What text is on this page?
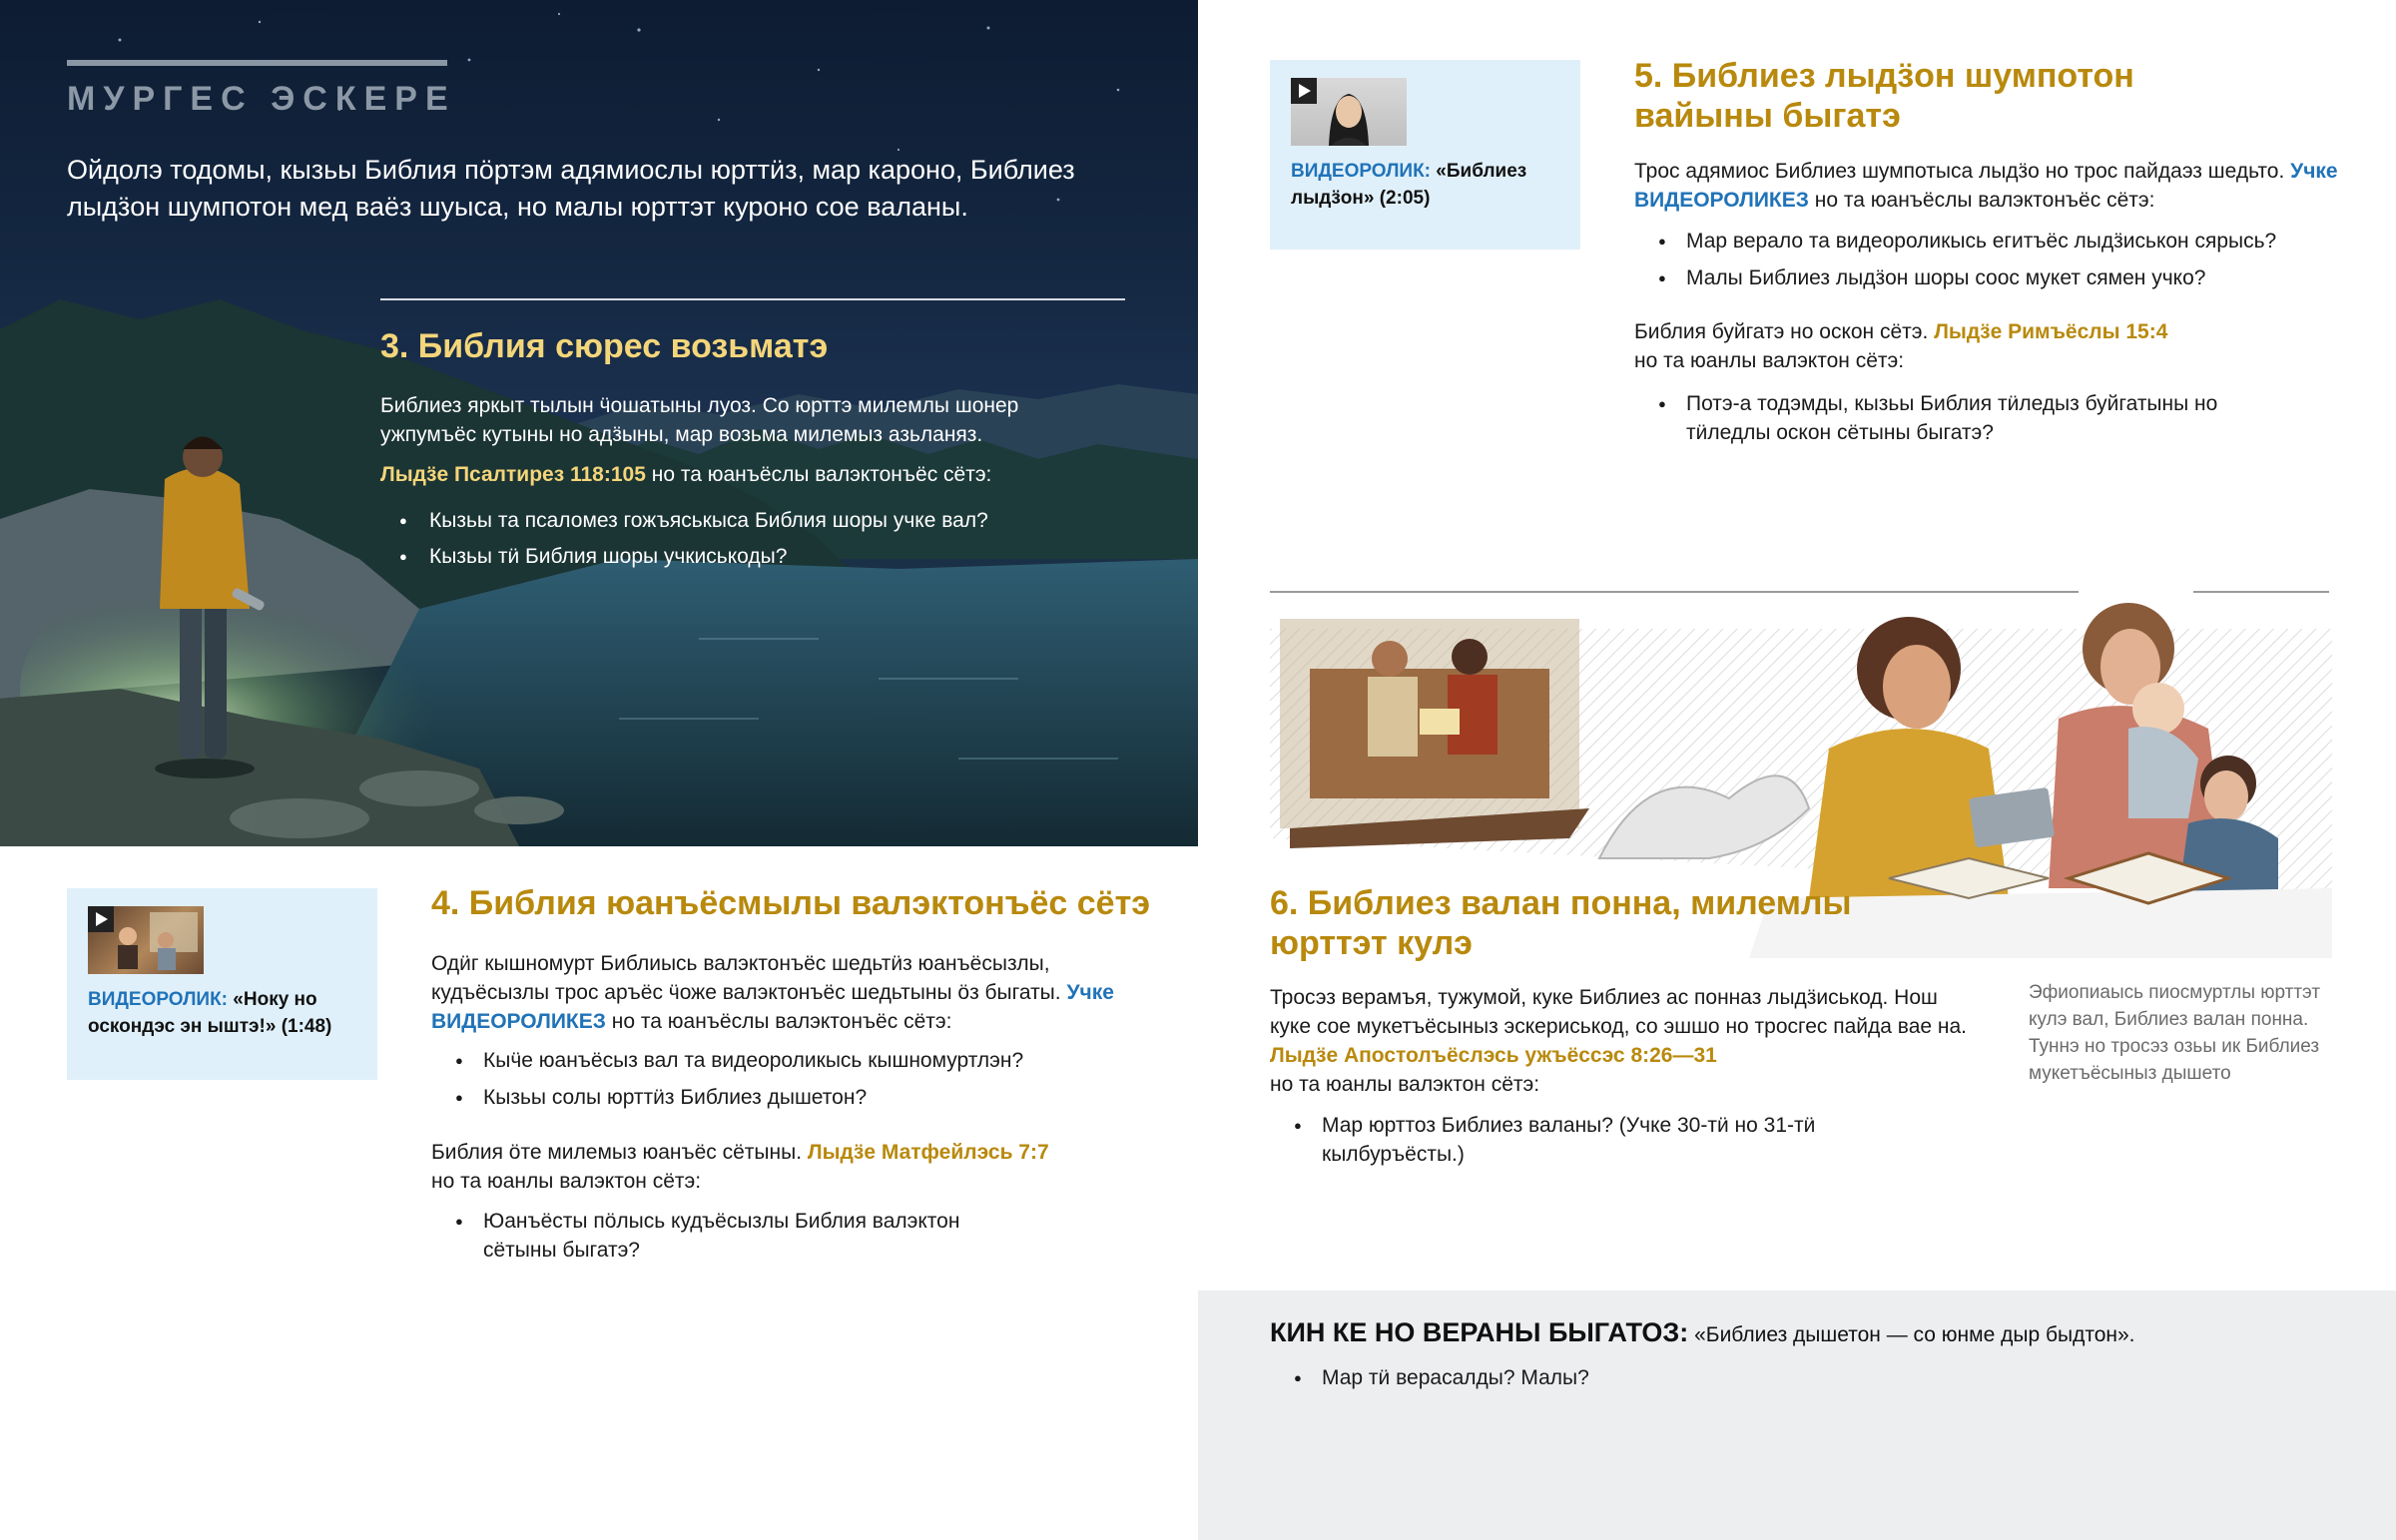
МУРГЕС ЭСКЕРЕ
Ойдолэ тодомы, кызьы Библия пӧртэм адямиослы юрттӥз, мар кароно, Библиез лыдӟон шумпотон мед ваёз шуыса, но малы юрттэт куроно сое валаны.
3. Библия сюрес возьматэ
Библиез яркыт тылын ӵошатыны луоз. Со юрттэ милемлы шонер ужпумъёс кутыны но адӟыны, мар возьма милемыз азьланяз.
Лыдӟе Псалтирез 118:105 но та юанъёслы валэктонъёс сётэ:
● Кызьы та псаломез гожъяськыса Библия шоры учке вал?
● Кызьы тӥ Библия шоры учкиськоды?
ВИДЕОРОЛИК: «Ноку но оскондэс эн ыштэ!» (1:48)
4. Библия юанъёсмылы валэктонъёс сётэ
Одӥг кышномурт Библиысь валэктонъёс шедьтӥз юанъёсызлы, кудъёсызлы трос аръёс ӵоже валэктонъёс шедьтыны ӧз быгаты. Учке ВИДЕОРОЛИКЕЗ но та юанъёслы валэктонъёс сётэ:
● Кыӵе юанъёсыз вал та видеороликысь кышномуртлэн?
● Кызьы солы юрттӥз Библиез дышетон?
Библия ӧте милемыз юанъёс сётыны. Лыдӟе Матфейлэсь 7:7
но та юанлы валэктон сётэ:
● Юанъёсты пӧлысь кудъёсызлы Библия валэктон сётыны быгатэ?
ВИДЕОРОЛИК: «Библиез лыдӟон» (2:05)
5. Библиез лыдӟон шумпотон вайыны быгатэ
Трос адямиос Библиез шумпотыса лыдӟо но трос пайдаэз шедьто. Учке ВИДЕОРОЛИКЕЗ но та юанъёслы валэктонъёс сётэ:
● Мар верало та видеороликысь егитъёс лыдӟиськон сярысь?
● Малы Библиез лыдӟон шоры соос мукет сямен учко?
Библия буйгатэ но оскон сётэ. Лыдӟе Римъёслы 15:4
но та юанлы валэктон сётэ:
● Потэ-а тодэмды, кызьы Библия тӥледыз буйгатыны но тӥледлы оскон сётыны быгатэ?
6. Библиез валан понна, милемлы юрттэт кулэ
Тросэз верамъя, тужумой, куке Библиез ас понназ лыдӟиськод. Нош куке сое мукетъёсыныз эскериськод, со эшшо но тросгес пайда вае на. Лыдӟе Апостолъёслэсь ужъёссэс 8:26—31
но та юанлы валэктон сётэ:
● Мар юрттоз Библиез валаны? (Учке 30-тӥ но 31-тӥ кылбуръёсты.)
Эфиопиаысь пиосмуртлы юрттэт кулэ вал, Библиез валан понна. Туннэ но тросэз озьы ик Библиез мукетъёсыныз дышето
КИН КЕ НО ВЕРАНЫ БЫГАТОЗ: «Библиез дышетон — со юнме дыр быдтон».
● Мар тӥ верасалды? Малы?
